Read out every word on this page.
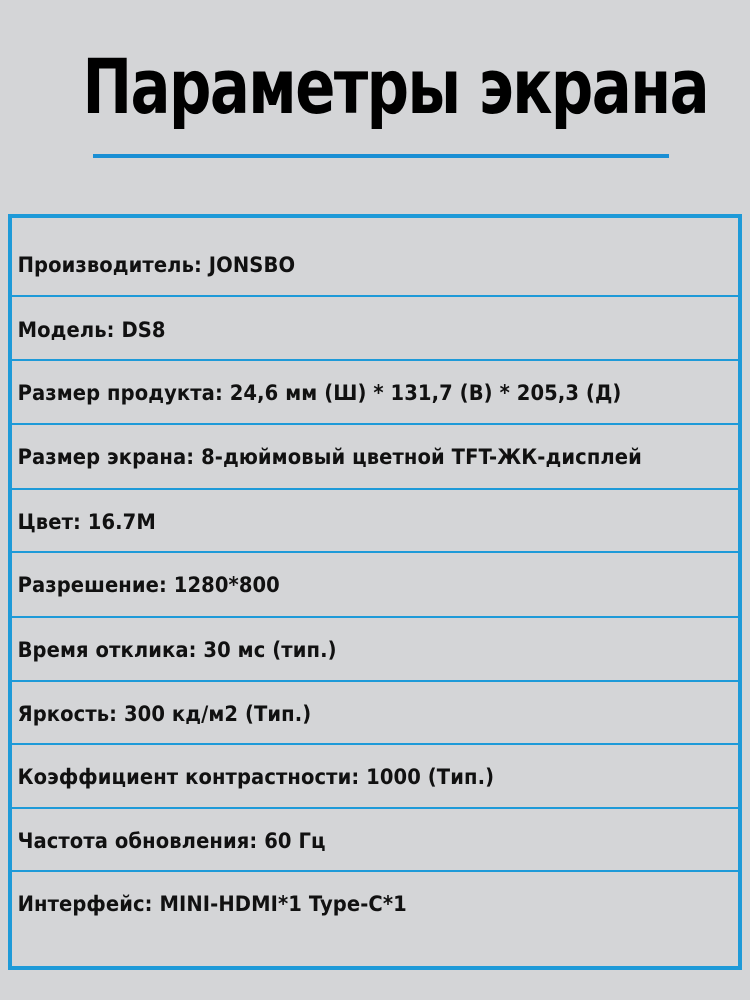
Параметры экрана
Производитель: JONSBO
Модель: DS8
Размер продукта: 24,6 мм (Ш) * 131,7 (В) * 205,3 (Д)
Размер экрана: 8-дюймовый цветной TFT-ЖК-дисплей
Цвет: 16.7M
Разрешение: 1280*800
Время отклика: 30 мс (тип.)
Яркость: 300 кд/м2 (Тип.)
Коэффициент контрастности: 1000 (Тип.)
Частота обновления: 60 Гц
Интерфейс: MINI-HDMI*1 Type-C*1
